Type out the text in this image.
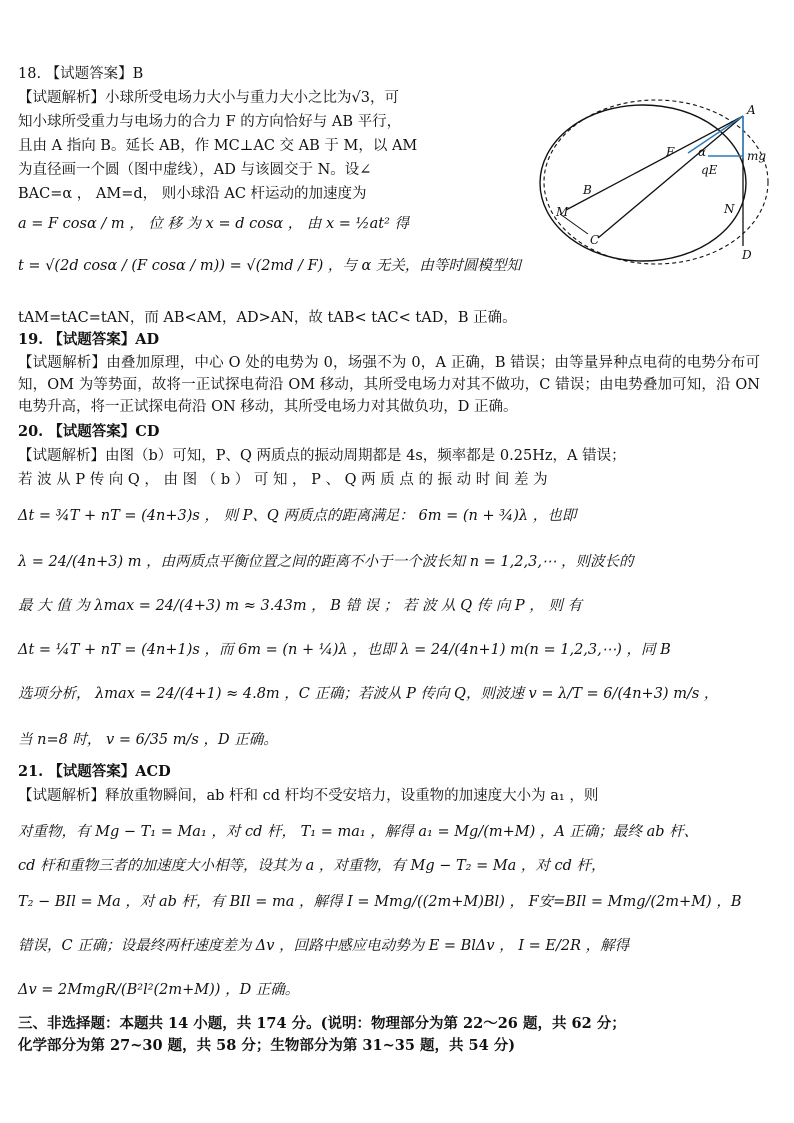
18. 【试题答案】B
【试题解析】小球所受电场力大小与重力大小之比为√3，可
知小球所受重力与电场力的合力 F 的方向恰好与 AB 平行，
且由 A 指向 B。延长 AB，作 MC⊥AC 交 AB 于 M，以 AM
为直径画一个圆（图中虚线），AD 与该圆交于 N。设∠
BAC=α ， AM=d， 则小球沿 AC 杆运动的加速度为
a = F cosα / m ， 位 移 为 x = d cosα ， 由 x = ½at² 得
t = √(2d cosα / (F cosα / m)) = √(2md / F) ，与 α 无关，由等时圆模型知
tAM=tAC=tAN，而 AB<AM，AD>AN，故 tAB< tAC< tAD，B 正确。
A
F α	mg
qE
B
M
C
N
D
19. 【试题答案】AD
【试题解析】由叠加原理，中心 O 处的电势为 0，场强不为 0，A 正确，B 错误；由等量异种点电荷的电势分布可知，OM 为等势面，故将一正试探电荷沿 OM 移动，其所受电场力对其不做功，C 错误；由电势叠加可知，沿 ON 电势升高，将一正试探电荷沿 ON 移动，其所受电场力对其做负功，D 正确。
20. 【试题答案】CD
【试题解析】由图（b）可知，P、Q 两质点的振动周期都是 4s，频率都是 0.25Hz，A 错误；
若 波 从 P 传 向 Q ， 由 图 （ b ） 可 知 ， P 、 Q 两 质 点 的 振 动 时 间 差 为
Δt = ¾T + nT = (4n+3)s ， 则 P、Q 两质点的距离满足： 6m = (n + ¾)λ ，也即
λ = 24/(4n+3) m ，由两质点平衡位置之间的距离不小于一个波长知 n = 1,2,3,⋯ ，则波长的
最 大 值 为 λmax = 24/(4+3) m ≈ 3.43m ， B 错 误 ； 若 波 从 Q 传 向 P ， 则 有
Δt = ¼T + nT = (4n+1)s ，而 6m = (n + ¼)λ ，也即 λ = 24/(4n+1) m(n = 1,2,3,⋯) ，同 B
选项分析， λmax = 24/(4+1) ≈ 4.8m ，C 正确；若波从 P 传向 Q，则波速 v = λ/T = 6/(4n+3) m/s ，
当 n=8 时， v = 6/35 m/s ，D 正确。
21. 【试题答案】ACD
【试题解析】释放重物瞬间，ab 杆和 cd 杆均不受安培力，设重物的加速度大小为 a₁ ，则
对重物，有 Mg − T₁ = Ma₁ ，对 cd 杆， T₁ = ma₁ ，解得 a₁ = Mg/(m+M) ，A 正确；最终 ab 杆、
cd 杆和重物三者的加速度大小相等，设其为 a ，对重物，有 Mg − T₂ = Ma ，对 cd 杆，
T₂ − BIl = Ma ，对 ab 杆，有 BIl = ma ，解得 I = Mmg/((2m+M)Bl) ， F安=BIl = Mmg/(2m+M) ，B
错误，C 正确；设最终两杆速度差为 Δv ，回路中感应电动势为 E = BlΔv ， I = E/2R ，解得
Δv = 2MmgR/(B²l²(2m+M)) ，D 正确。
三、非选择题：本题共 14 小题，共 174 分。(说明：物理部分为第 22～26 题，共 62 分；
化学部分为第 27~30 题，共 58 分；生物部分为第 31~35 题，共 54 分)
